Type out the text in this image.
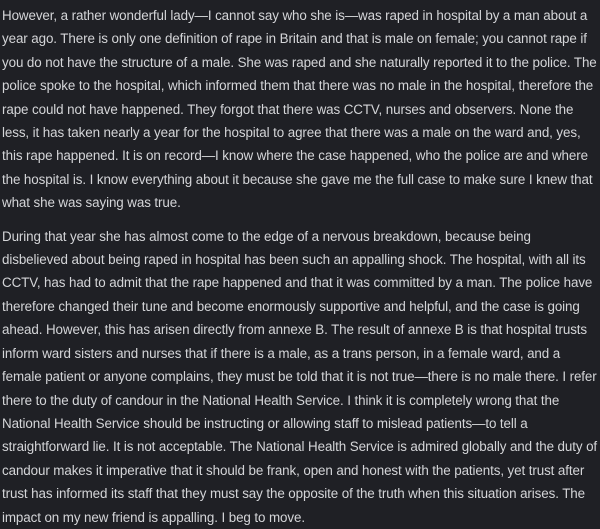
However, a rather wonderful lady—I cannot say who she is—was raped in hospital by a man about a year ago. There is only one definition of rape in Britain and that is male on female; you cannot rape if you do not have the structure of a male. She was raped and she naturally reported it to the police. The police spoke to the hospital, which informed them that there was no male in the hospital, therefore the rape could not have happened. They forgot that there was CCTV, nurses and observers. None the less, it has taken nearly a year for the hospital to agree that there was a male on the ward and, yes, this rape happened. It is on record—I know where the case happened, who the police are and where the hospital is. I know everything about it because she gave me the full case to make sure I knew that what she was saying was true.

During that year she has almost come to the edge of a nervous breakdown, because being disbelieved about being raped in hospital has been such an appalling shock. The hospital, with all its CCTV, has had to admit that the rape happened and that it was committed by a man. The police have therefore changed their tune and become enormously supportive and helpful, and the case is going ahead. However, this has arisen directly from annexe B. The result of annexe B is that hospital trusts inform ward sisters and nurses that if there is a male, as a trans person, in a female ward, and a female patient or anyone complains, they must be told that it is not true—there is no male there. I refer there to the duty of candour in the National Health Service. I think it is completely wrong that the National Health Service should be instructing or allowing staff to mislead patients—to tell a straightforward lie. It is not acceptable. The National Health Service is admired globally and the duty of candour makes it imperative that it should be frank, open and honest with the patients, yet trust after trust has informed its staff that they must say the opposite of the truth when this situation arises. The impact on my new friend is appalling. I beg to move.
